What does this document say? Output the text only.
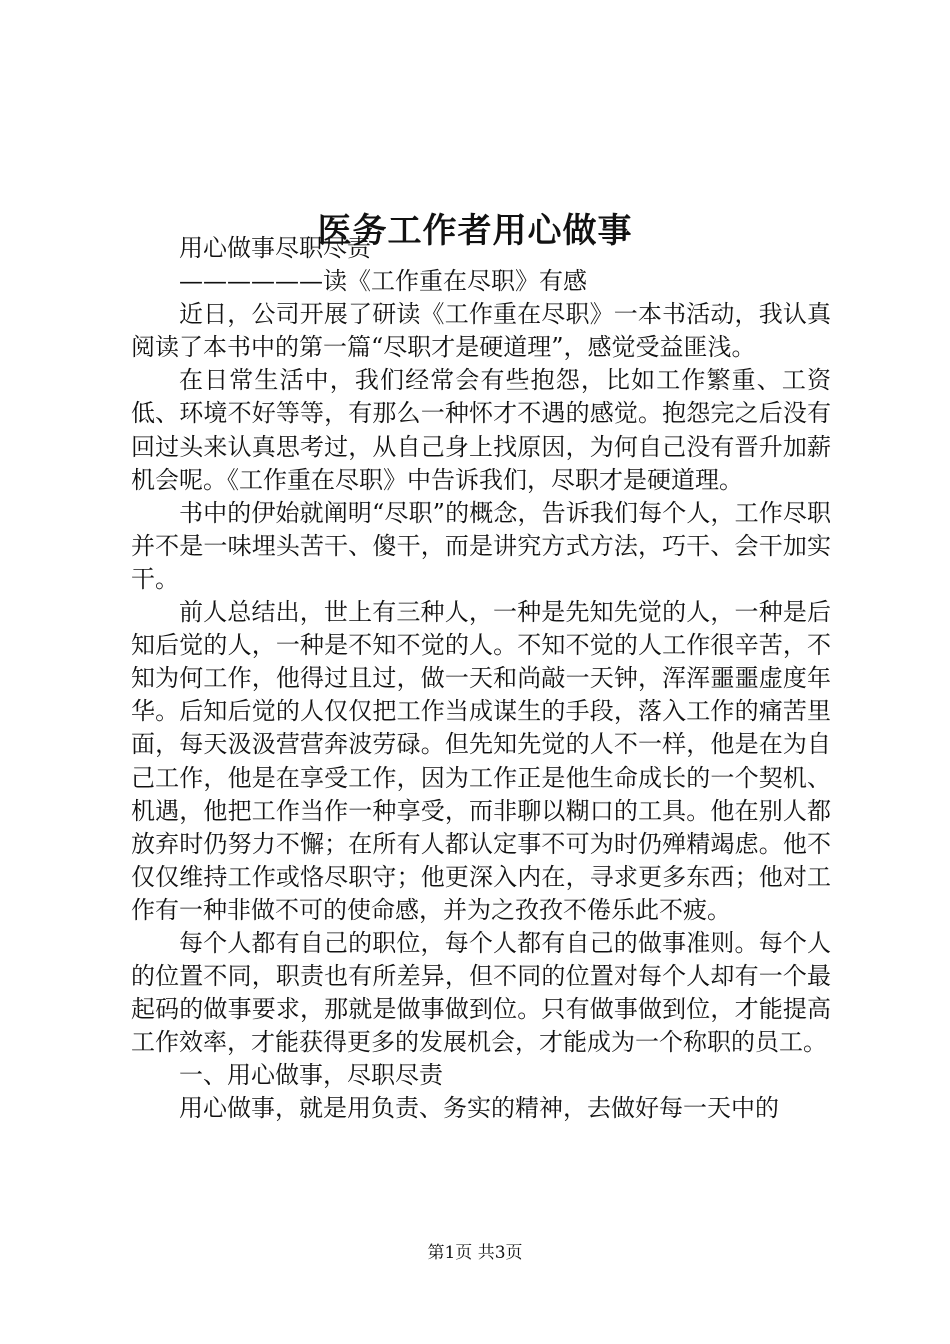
医务工作者用心做事

用心做事尽职尽责

——————读《工作重在尽职》有感

近日，公司开展了研读《工作重在尽职》一本书活动，我认真阅读了本书中的第一篇“尽职才是硬道理”，感觉受益匪浅。

在日常生活中，我们经常会有些抱怨，比如工作繁重、工资低、环境不好等等，有那么一种怀才不遇的感觉。抱怨完之后没有回过头来认真思考过，从自己身上找原因，为何自己没有晋升加薪机会呢。《工作重在尽职》中告诉我们，尽职才是硬道理。

书中的伊始就阐明“尽职”的概念，告诉我们每个人，工作尽职并不是一味埋头苦干、傻干，而是讲究方式方法，巧干、会干加实干。

前人总结出，世上有三种人，一种是先知先觉的人，一种是后知后觉的人，一种是不知不觉的人。不知不觉的人工作很辛苦，不知为何工作，他得过且过，做一天和尚敲一天钟，浑浑噩噩虚度年华。后知后觉的人仅仅把工作当成谋生的手段，落入工作的痛苦里面，每天汲汲营营奔波劳碌。但先知先觉的人不一样，他是在为自己工作，他是在享受工作，因为工作正是他生命成长的一个契机、机遇，他把工作当作一种享受，而非聊以糊口的工具。他在别人都放弃时仍努力不懈；在所有人都认定事不可为时仍殚精竭虑。他不仅仅维持工作或恪尽职守；他更深入内在，寻求更多东西；他对工作有一种非做不可的使命感，并为之孜孜不倦乐此不疲。

每个人都有自己的职位，每个人都有自己的做事准则。每个人的位置不同，职责也有所差异，但不同的位置对每个人却有一个最起码的做事要求，那就是做事做到位。只有做事做到位，才能提高工作效率，才能获得更多的发展机会，才能成为一个称职的员工。

一、用心做事，尽职尽责

用心做事，就是用负责、务实的精神，去做好每一天中的

第1页 共3页
